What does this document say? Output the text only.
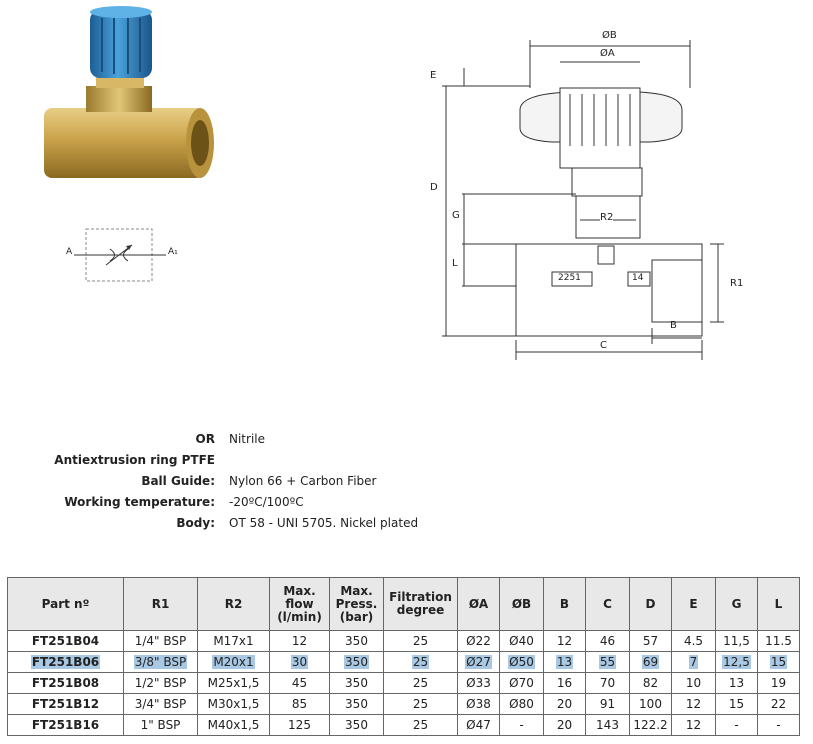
A	A₁
ØB
ØA
E
D
G
L
R2
R1
B
C
2251	14
OR Nitrile
Antiextrusion ring PTFE
Ball Guide: Nylon 66 + Carbon Fiber
Working temperature: -20ºC/100ºC
Body: OT 58 - UNI 5705. Nickel plated
Part nº	R1	R2	Max. flow (l/min)	Max. Press. (bar)	Filtration degree	ØA	ØB	B	C	D	E	G	L
FT251B04	1/4" BSP	M17x1	12	350	25	Ø22	Ø40	12	46	57	4.5	11,5	11.5
FT251B06	3/8" BSP	M20x1	30	350	25	Ø27	Ø50	13	55	69	7	12,5	15
FT251B08	1/2" BSP	M25x1,5	45	350	25	Ø33	Ø70	16	70	82	10	13	19
FT251B12	3/4" BSP	M30x1,5	85	350	25	Ø38	Ø80	20	91	100	12	15	22
FT251B16	1" BSP	M40x1,5	125	350	25	Ø47	-	20	143	122.2	12	-	-
